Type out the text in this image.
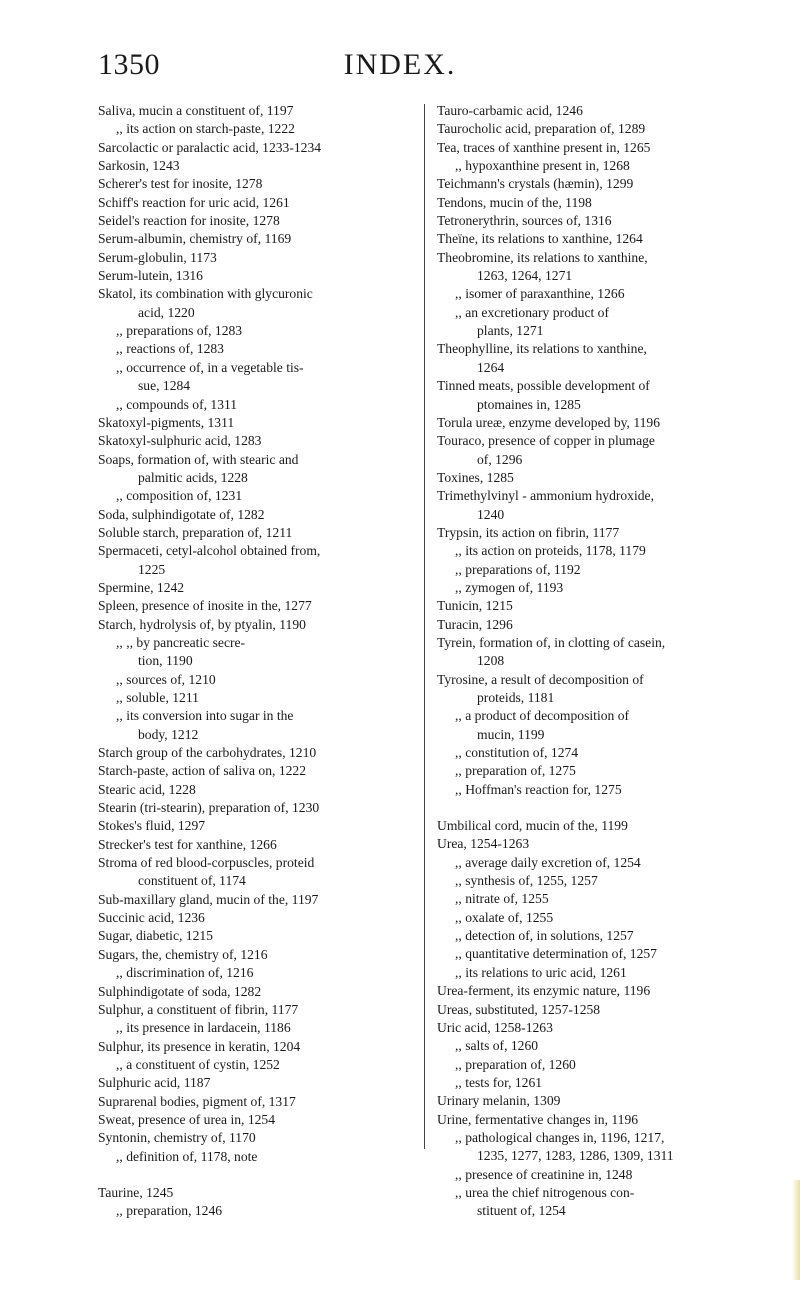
1350	INDEX.
Saliva, mucin a constituent of, 1197
,, its action on starch-paste, 1222
Sarcolactic or paralactic acid, 1233-1234
Sarkosin, 1243
Scherer's test for inosite, 1278
Schiff's reaction for uric acid, 1261
Seidel's reaction for inosite, 1278
Serum-albumin, chemistry of, 1169
Serum-globulin, 1173
Serum-lutein, 1316
Skatol, its combination with glycuronic
acid, 1220
,, preparations of, 1283
,, reactions of, 1283
,, occurrence of, in a vegetable tis-
sue, 1284
,, compounds of, 1311
Skatoxyl-pigments, 1311
Skatoxyl-sulphuric acid, 1283
Soaps, formation of, with stearic and
palmitic acids, 1228
,, composition of, 1231
Soda, sulphindigotate of, 1282
Soluble starch, preparation of, 1211
Spermaceti, cetyl-alcohol obtained from,
1225
Spermine, 1242
Spleen, presence of inosite in the, 1277
Starch, hydrolysis of, by ptyalin, 1190
,, ,, by pancreatic secre-
tion, 1190
,, sources of, 1210
,, soluble, 1211
,, its conversion into sugar in the
body, 1212
Starch group of the carbohydrates, 1210
Starch-paste, action of saliva on, 1222
Stearic acid, 1228
Stearin (tri-stearin), preparation of, 1230
Stokes's fluid, 1297
Strecker's test for xanthine, 1266
Stroma of red blood-corpuscles, proteid
constituent of, 1174
Sub-maxillary gland, mucin of the, 1197
Succinic acid, 1236
Sugar, diabetic, 1215
Sugars, the, chemistry of, 1216
,, discrimination of, 1216
Sulphindigotate of soda, 1282
Sulphur, a constituent of fibrin, 1177
,, its presence in lardacein, 1186
Sulphur, its presence in keratin, 1204
,, a constituent of cystin, 1252
Sulphuric acid, 1187
Suprarenal bodies, pigment of, 1317
Sweat, presence of urea in, 1254
Syntonin, chemistry of, 1170
,, definition of, 1178, note
Taurine, 1245
,, preparation, 1246
Tauro-carbamic acid, 1246
Taurocholic acid, preparation of, 1289
Tea, traces of xanthine present in, 1265
,, hypoxanthine present in, 1268
Teichmann's crystals (hæmin), 1299
Tendons, mucin of the, 1198
Tetronerythrin, sources of, 1316
Theïne, its relations to xanthine, 1264
Theobromine, its relations to xanthine,
1263, 1264, 1271
,, isomer of paraxanthine, 1266
,, an excretionary product of
plants, 1271
Theophylline, its relations to xanthine,
1264
Tinned meats, possible development of
ptomaines in, 1285
Torula ureæ, enzyme developed by, 1196
Touraco, presence of copper in plumage
of, 1296
Toxines, 1285
Trimethylvinyl - ammonium hydroxide,
1240
Trypsin, its action on fibrin, 1177
,, its action on proteids, 1178, 1179
,, preparations of, 1192
,, zymogen of, 1193
Tunicin, 1215
Turacin, 1296
Tyrein, formation of, in clotting of casein,
1208
Tyrosine, a result of decomposition of
proteids, 1181
,, a product of decomposition of
mucin, 1199
,, constitution of, 1274
,, preparation of, 1275
,, Hoffman's reaction for, 1275
Umbilical cord, mucin of the, 1199
Urea, 1254-1263
,, average daily excretion of, 1254
,, synthesis of, 1255, 1257
,, nitrate of, 1255
,, oxalate of, 1255
,, detection of, in solutions, 1257
,, quantitative determination of, 1257
,, its relations to uric acid, 1261
Urea-ferment, its enzymic nature, 1196
Ureas, substituted, 1257-1258
Uric acid, 1258-1263
,, salts of, 1260
,, preparation of, 1260
,, tests for, 1261
Urinary melanin, 1309
Urine, fermentative changes in, 1196
,, pathological changes in, 1196, 1217,
1235, 1277, 1283, 1286, 1309, 1311
,, presence of creatinine in, 1248
,, urea the chief nitrogenous con-
stituent of, 1254
